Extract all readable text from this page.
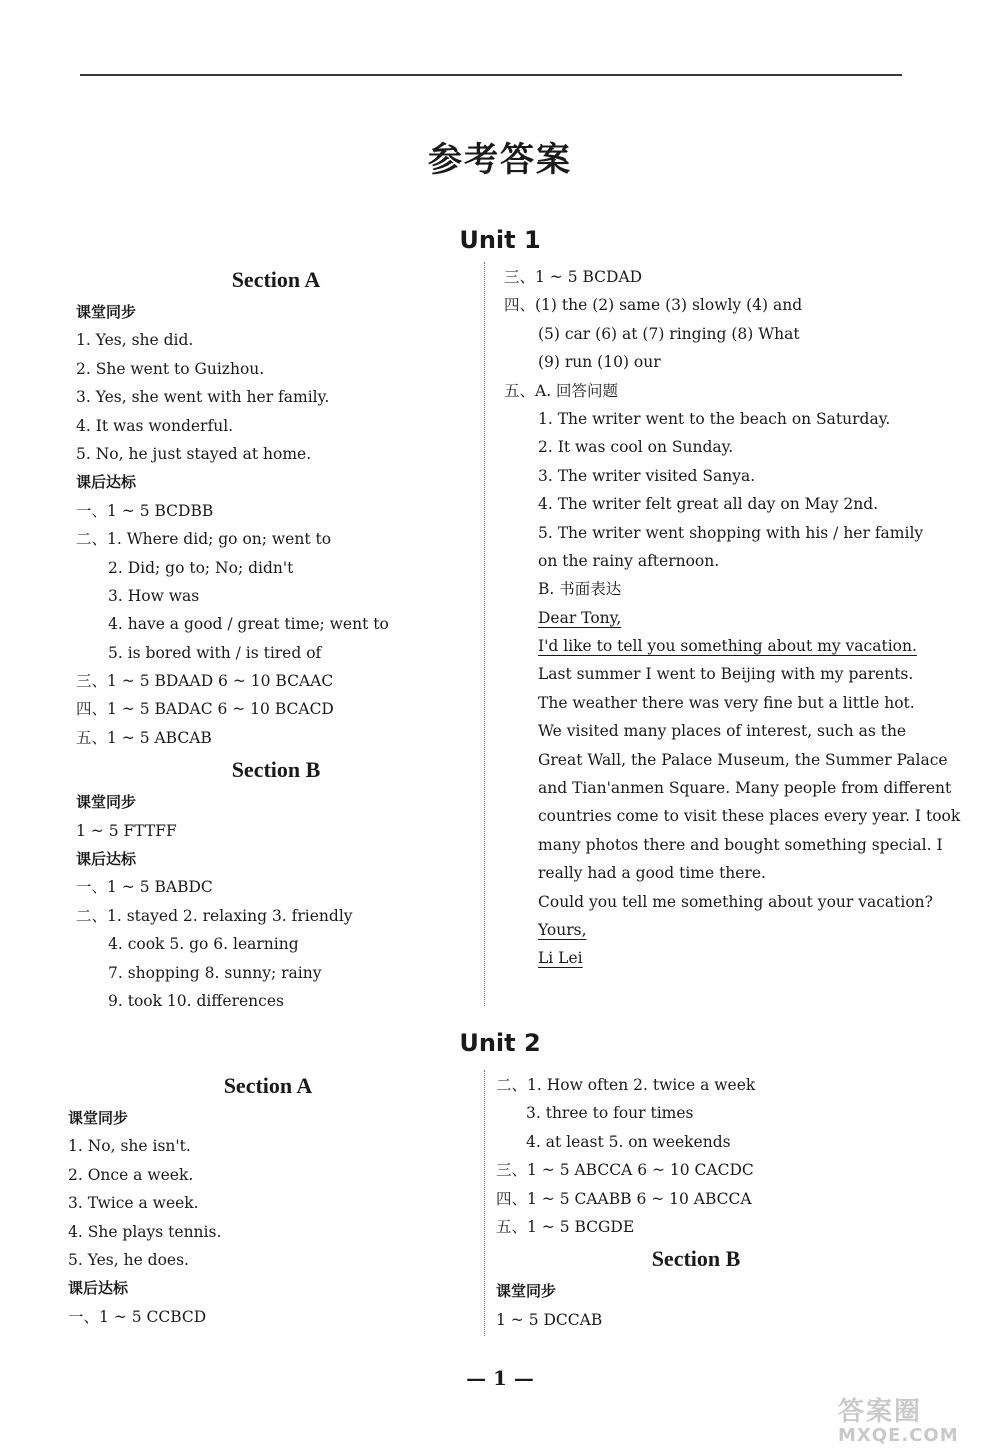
参考答案
Unit 1
Section A
课堂同步
1. Yes, she did.
2. She went to Guizhou.
3. Yes, she went with her family.
4. It was wonderful.
5. No, he just stayed at home.
课后达标
一、1 ~ 5 BCDBB
二、1. Where did; go on; went to
2. Did; go to; No; didn't
3. How was
4. have a good / great time; went to
5. is bored with / is tired of
三、1 ~ 5 BDAAD 6 ~ 10 BCAAC
四、1 ~ 5 BADAC 6 ~ 10 BCACD
五、1 ~ 5 ABCAB
Section B
课堂同步
1 ~ 5 FTTFF
课后达标
一、1 ~ 5 BABDC
二、1. stayed 2. relaxing 3. friendly
4. cook 5. go 6. learning
7. shopping 8. sunny; rainy
9. took 10. differences
三、1 ~ 5 BCDAD
四、(1) the (2) same (3) slowly (4) and
(5) car (6) at (7) ringing (8) What
(9) run (10) our
五、A. 回答问题
1. The writer went to the beach on Saturday.
2. It was cool on Sunday.
3. The writer visited Sanya.
4. The writer felt great all day on May 2nd.
5. The writer went shopping with his / her family
on the rainy afternoon.
B. 书面表达
Dear Tony,
I'd like to tell you something about my vacation.
Last summer I went to Beijing with my parents.
The weather there was very fine but a little hot.
We visited many places of interest, such as the
Great Wall, the Palace Museum, the Summer Palace
and Tian'anmen Square. Many people from different
countries come to visit these places every year. I took
many photos there and bought something special. I
really had a good time there.
Could you tell me something about your vacation?
Yours,
Li Lei
Unit 2
Section A
课堂同步
1. No, she isn't.
2. Once a week.
3. Twice a week.
4. She plays tennis.
5. Yes, he does.
课后达标
一、1 ~ 5 CCBCD
二、1. How often 2. twice a week
3. three to four times
4. at least 5. on weekends
三、1 ~ 5 ABCCA 6 ~ 10 CACDC
四、1 ~ 5 CAABB 6 ~ 10 ABCCA
五、1 ~ 5 BCGDE
Section B
课堂同步
1 ~ 5 DCCAB
— 1 —
答案圈
MXQE.COM
